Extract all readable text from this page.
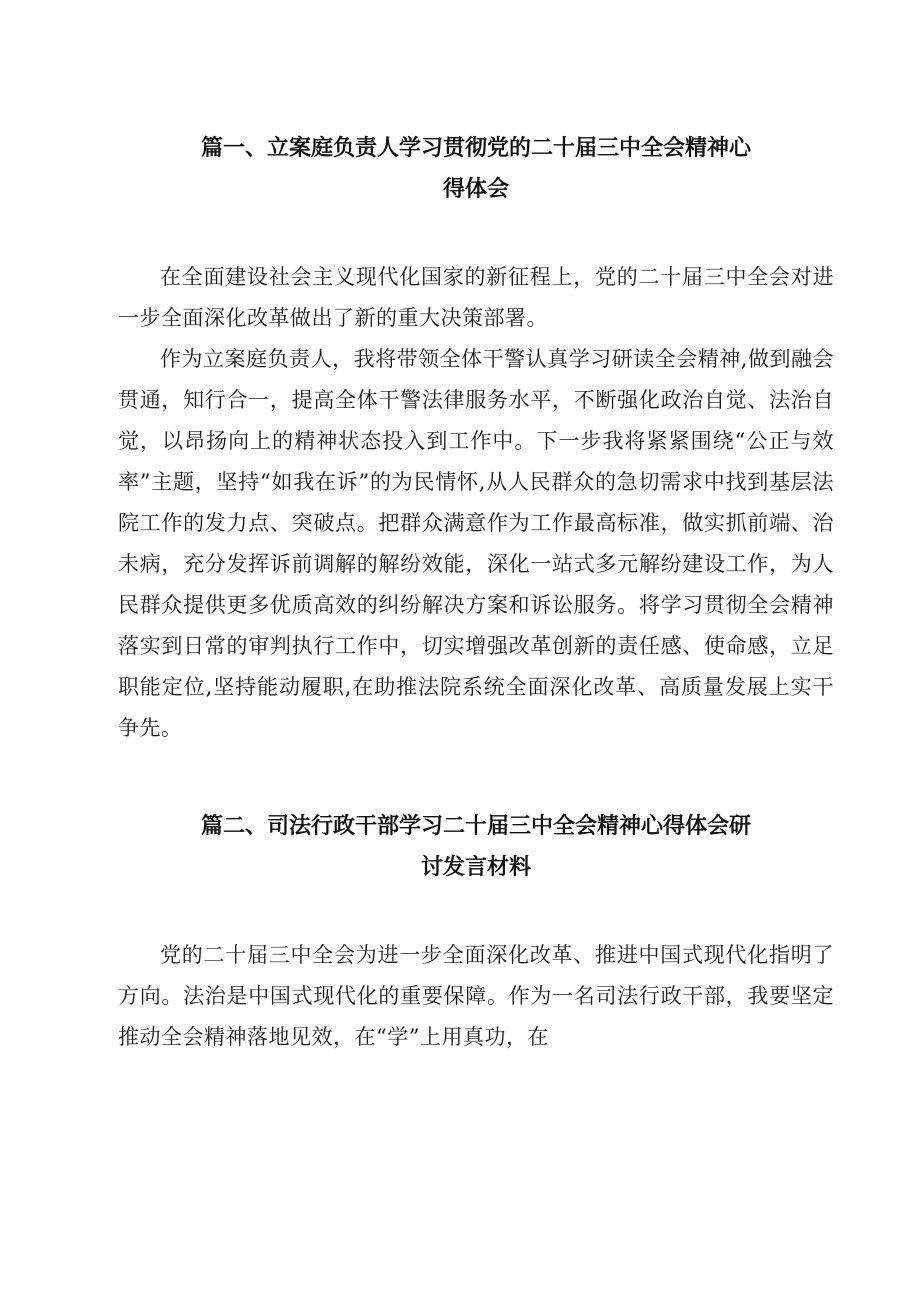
篇一、立案庭负责人学习贯彻党的二十届三中全会精神心
得体会

在全面建设社会主义现代化国家的新征程上，党的二十届三中全会对进一步全面深化改革做出了新的重大决策部署。

作为立案庭负责人，我将带领全体干警认真学习研读全会精神,做到融会贯通，知行合一，提高全体干警法律服务水平，不断强化政治自觉、法治自觉，以昂扬向上的精神状态投入到工作中。下一步我将紧紧围绕“公正与效率”主题，坚持“如我在诉”的为民情怀,从人民群众的急切需求中找到基层法院工作的发力点、突破点。把群众满意作为工作最高标准，做实抓前端、治未病，充分发挥诉前调解的解纷效能，深化一站式多元解纷建设工作，为人民群众提供更多优质高效的纠纷解决方案和诉讼服务。将学习贯彻全会精神落实到日常的审判执行工作中，切实增强改革创新的责任感、使命感，立足职能定位,坚持能动履职,在助推法院系统全面深化改革、高质量发展上实干争先。

篇二、司法行政干部学习二十届三中全会精神心得体会研
讨发言材料

党的二十届三中全会为进一步全面深化改革、推进中国式现代化指明了方向。法治是中国式现代化的重要保障。作为一名司法行政干部，我要坚定推动全会精神落地见效，在“学”上用真功，在
